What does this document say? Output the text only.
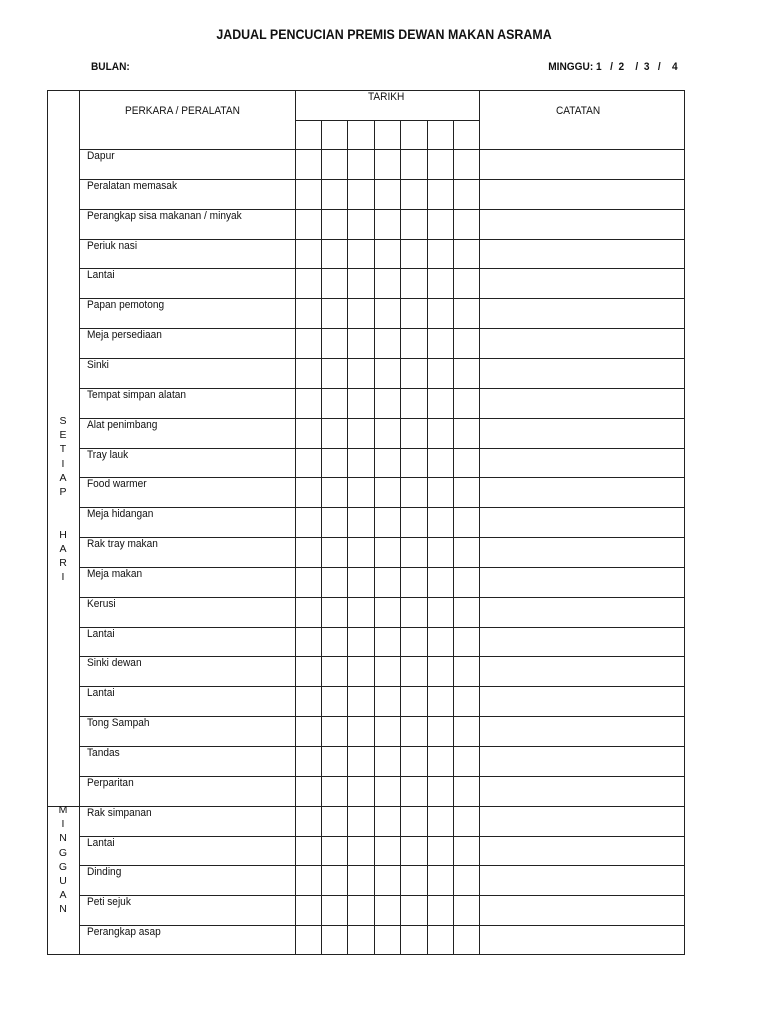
JADUAL PENCUCIAN PREMIS DEWAN MAKAN ASRAMA
BULAN:	MINGGU: 1   /  2    /  3   /    4
PERKARA / PERALATAN
TARIKH
CATATAN
Dapur
Peralatan memasak
Perangkap sisa makanan / minyak
Periuk nasi
Lantai
Papan pemotong
Meja persediaan
Sinki
Tempat simpan alatan
Alat penimbang
Tray lauk
Food warmer
Meja hidangan
Rak tray makan
Meja makan
Kerusi
Lantai
Sinki dewan
Lantai
Tong Sampah
Tandas
Perparitan
Rak simpanan
Lantai
Dinding
Peti sejuk
Perangkap asap
S
E
T
I
A
P

H
A
R
I
M
I
N
G
G
U
A
N
